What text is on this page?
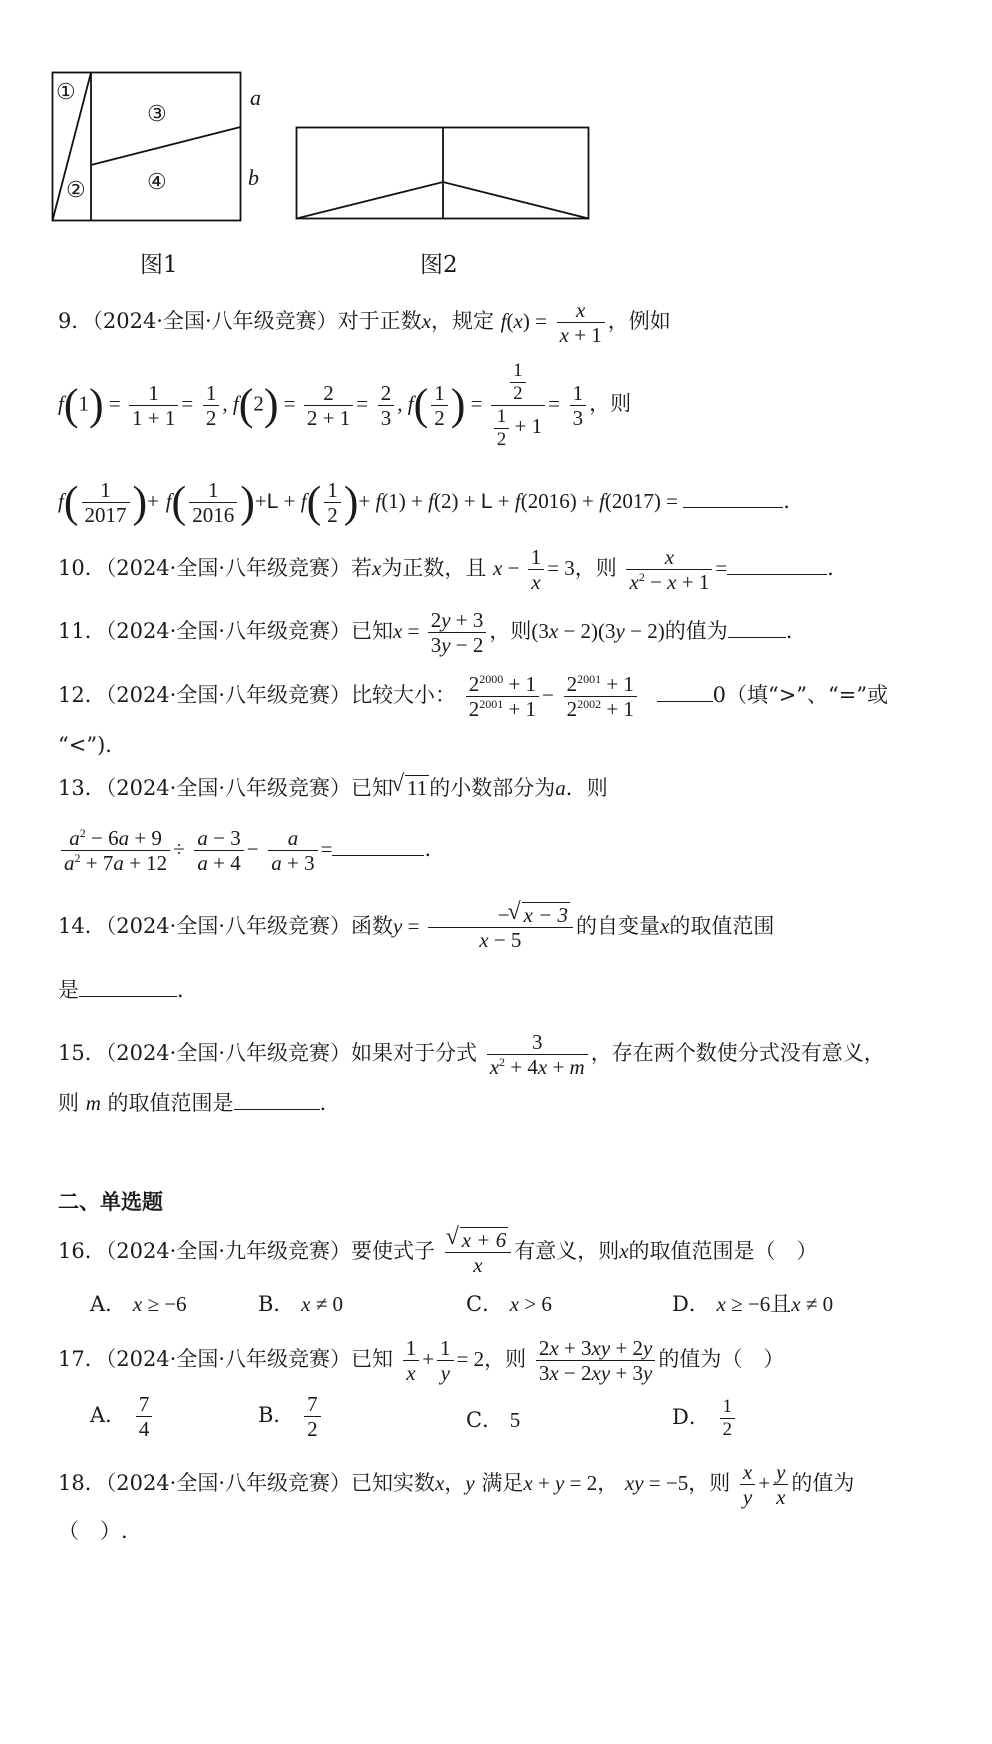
①
②
③
④
a
b
图1	图2
9．（2024·全国·八年级竞赛）对于正数x，规定 $f(x) = \frac{x}{x + 1}$ ，例如
$f(1) = \frac{1}{1 + 1} = \frac{1}{2}$ , $f(2) = \frac{2}{2 + 1} = \frac{2}{3}$ , $f( \frac{1}{2}$ ) = $\frac{\frac{1}{2}}{\frac{1}{2} + 1} = \frac{1}{3}$ ，则
$f( \frac{1}{2017}$ )+ $f( \frac{1}{2016} )+L + f( \frac{1}{2}$ )+ f(1) + f(2) + L + f(2016) + f(2017) =	.
10．（2024·全国·八年级竞赛）若x为正数，且 $x - \frac{1}{x} = 3$，则 $\frac{x}{x^2 - x + 1}$ =	.
11．（2024·全国·八年级竞赛）已知$x = \frac{2y + 3}{3y - 2}$ ，则(3x − 2)(3y − 2)的值为	.
12．（2024·全国·八年级竞赛）比较大小： $\frac{2^{2000} + 1}{2^{2001} + 1} - \frac{2^{2001} + 1}{2^{2002} + 1}$	0（填“>”、“=”或
“<”).
13．（2024·全国·八年级竞赛）已知 √ 11的小数部分为a．则
$\frac{a^2 - 6a + 9}{a^2 + 7a + 12} \div \frac{a - 3}{a + 4} - \frac{a}{a + 3}$ =	.
14．（2024·全国·八年级竞赛）函数$y = \frac{- √ x - 3}{x - 5}$ 的自变量x的取值范围
是	.
15．（2024·全国·八年级竞赛）如果对于分式 $\frac{3}{x^2 + 4x + m}$ ，存在两个数使分式没有意义，
则 m 的取值范围是	.
二、单选题
16．（2024·全国·九年级竞赛）要使式子 √ $\frac{x + 6}{x}$ 有意义，则x的取值范围是（　）
A． x ≥ −6	B． x ≠ 0	C． x > 6	D． x ≥ −6且x ≠ 0
17．（2024·全国·八年级竞赛）已知 $\frac{1}{x} + \frac{1}{y} = 2$，则 $\frac{2x + 3xy + 2y}{3x - 2xy + 3y}$ 的值为（　）
A． $\frac{7}{4}$	B． $\frac{7}{2}$	C． 5	D． $\frac{1}{2}$
18．（2024·全国·八年级竞赛）已知实数x，y 满足x + y = 2， xy = −5，则 $\frac{x}{y} + \frac{y}{x}$ 的值为
（　）.
